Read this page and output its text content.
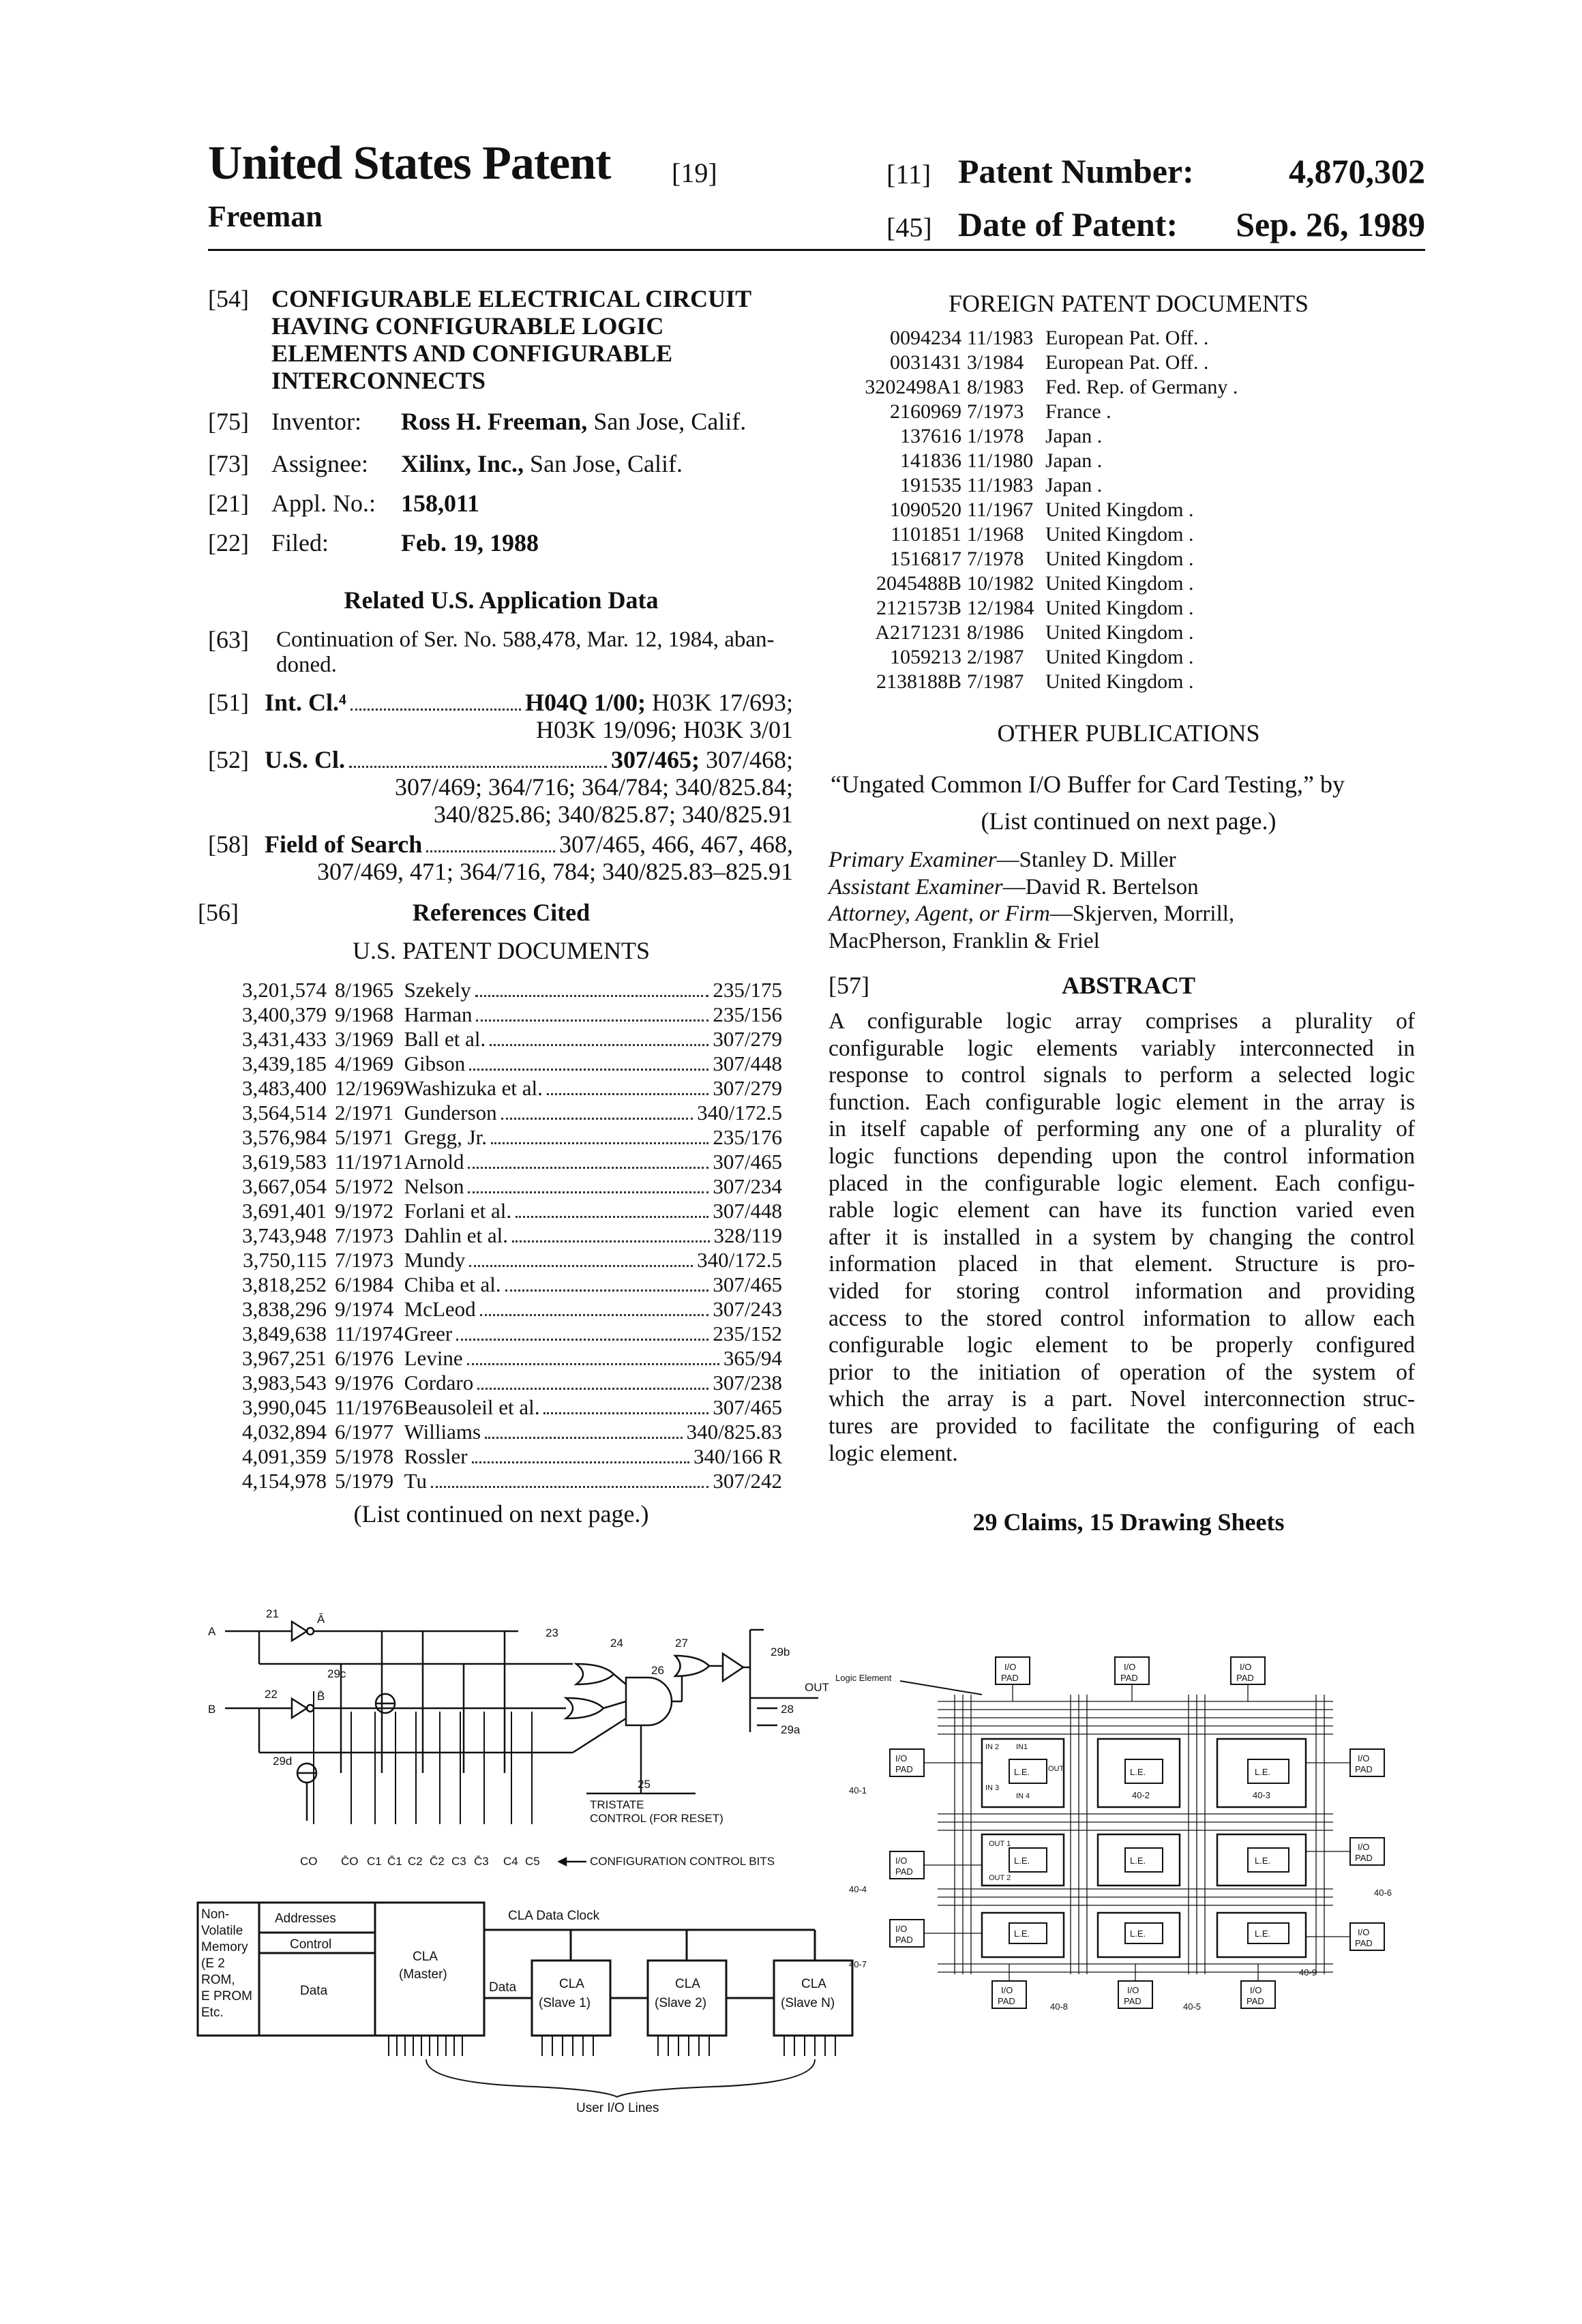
United States Patent [19]
Freeman
[11] Patent Number:	4,870,302
[45] Date of Patent: Sep. 26, 1989
[54] CONFIGURABLE ELECTRICAL CIRCUIT
HAVING CONFIGURABLE LOGIC
ELEMENTS AND CONFIGURABLE
INTERCONNECTS
[75] Inventor: Ross H. Freeman, San Jose, Calif.
[73] Assignee: Xilinx, Inc., San Jose, Calif.
[21] Appl. No.: 158,011
[22] Filed:	Feb. 19, 1988
Related U.S. Application Data
[63] Continuation of Ser. No. 588,478, Mar. 12, 1984, aban-
doned.
[51] Int. Cl.⁴	H04Q 1/00; H03K 17/693;
H03K 19/096; H03K 3/01
[52] U.S. Cl.	307/465; 307/468;
307/469; 364/716; 364/784; 340/825.84;
340/825.86; 340/825.87; 340/825.91
[58] Field of Search	307/465, 466, 467, 468,
307/469, 471; 364/716, 784; 340/825.83–825.91
[56]	References Cited
U.S. PATENT DOCUMENTS
3,201,574	8/1965	Szekely 235/175

3,400,379	9/1968	Harman 235/156

3,431,433	3/1969	Ball et al. 307/279

3,439,185	4/1969	Gibson 307/448

3,483,400	12/1969	Washizuka et al. 307/279

3,564,514	2/1971	Gunderson 340/172.5

3,576,984	5/1971	Gregg, Jr. 235/176

3,619,583	11/1971	Arnold 307/465

3,667,054	5/1972	Nelson 307/234

3,691,401	9/1972	Forlani et al. 307/448

3,743,948	7/1973	Dahlin et al. 328/119

3,750,115	7/1973	Mundy 340/172.5

3,818,252	6/1984	Chiba et al. 307/465

3,838,296	9/1974	McLeod 307/243

3,849,638	11/1974	Greer 235/152

3,967,251	6/1976	Levine 365/94

3,983,543	9/1976	Cordaro 307/238

3,990,045	11/1976	Beausoleil et al. 307/465

4,032,894	6/1977	Williams 340/825.83

4,091,359	5/1978	Rossler 340/166 R

4,154,978	5/1979	Tu 307/242
(List continued on next page.)
FOREIGN PATENT DOCUMENTS
0094234	11/1983	European Pat. Off. .
0031431	3/1984	European Pat. Off. .
3202498A1	8/1983	Fed. Rep. of Germany .
2160969	7/1973	France .
137616	1/1978	Japan .
141836	11/1980	Japan .
191535	11/1983	Japan .
1090520	11/1967	United Kingdom .
1101851	1/1968	United Kingdom .
1516817	7/1978	United Kingdom .
2045488B	10/1982	United Kingdom .
2121573B	12/1984	United Kingdom .
A2171231	8/1986	United Kingdom .
1059213	2/1987	United Kingdom .
2138188B	7/1987	United Kingdom .
OTHER PUBLICATIONS
“Ungated Common I/O Buffer for Card Testing,” by
(List continued on next page.)
Primary Examiner—Stanley D. Miller
Assistant Examiner—David R. Bertelson
Attorney, Agent, or Firm—Skjerven, Morrill,
MacPherson, Franklin & Friel
[57]	ABSTRACT
A configurable logic array comprises a plurality of
configurable logic elements variably interconnected in
response to control signals to perform a selected logic
function. Each configurable logic element in the array is
in itself capable of performing any one of a plurality of
logic functions depending upon the control information
placed in the configurable logic element. Each configu-
rable logic element can have its function varied even
after it is installed in a system by changing the control
information placed in that element. Structure is pro-
vided for storing control information and providing
access to the stored control information to allow each
configurable logic element to be properly configured
prior to the initiation of operation of the system of
which the array is a part. Novel interconnection struc-
tures are provided to facilitate the configuring of each
logic element.
29 Claims, 15 Drawing Sheets
A
B
Ā
B̄
21
22
23
24
26
27
29b
OUT
28
29a
29c
29d
25
TRISTATE
CONTROL (FOR RESET)
CO C̄O C1 C̄1 C2 C̄2 C3 C̄3 C4 C5	CONFIGURATION CONTROL BITS
Non-
Volatile
Memory
(E 2
ROM,
E PROM
Etc.
Addresses
Control
Data
CLA Data Clock
CLA
(Master)
Data	CLA
(Slave 1)
CLA
(Slave 2)
CLA
(Slave N)
User I/O Lines
I/O
PAD
I/O
PAD
I/O
PAD
I/O
PAD
I/O
PAD
I/O
PAD
I/O
PAD
I/O
PAD
I/O
PAD
I/O
PAD
I/O
PAD
I/O
PAD
Logic Element
L.E.	L.E.	L.E.
L.E.	L.E.	L.E.
L.E.	L.E.	L.E.
IN 2 IN1
IN 3
IN 4
OUT
OUT 1
OUT 2
40-1	40-2	40-3
40-4
40-5
40-6
40-7
40-8
40-9
